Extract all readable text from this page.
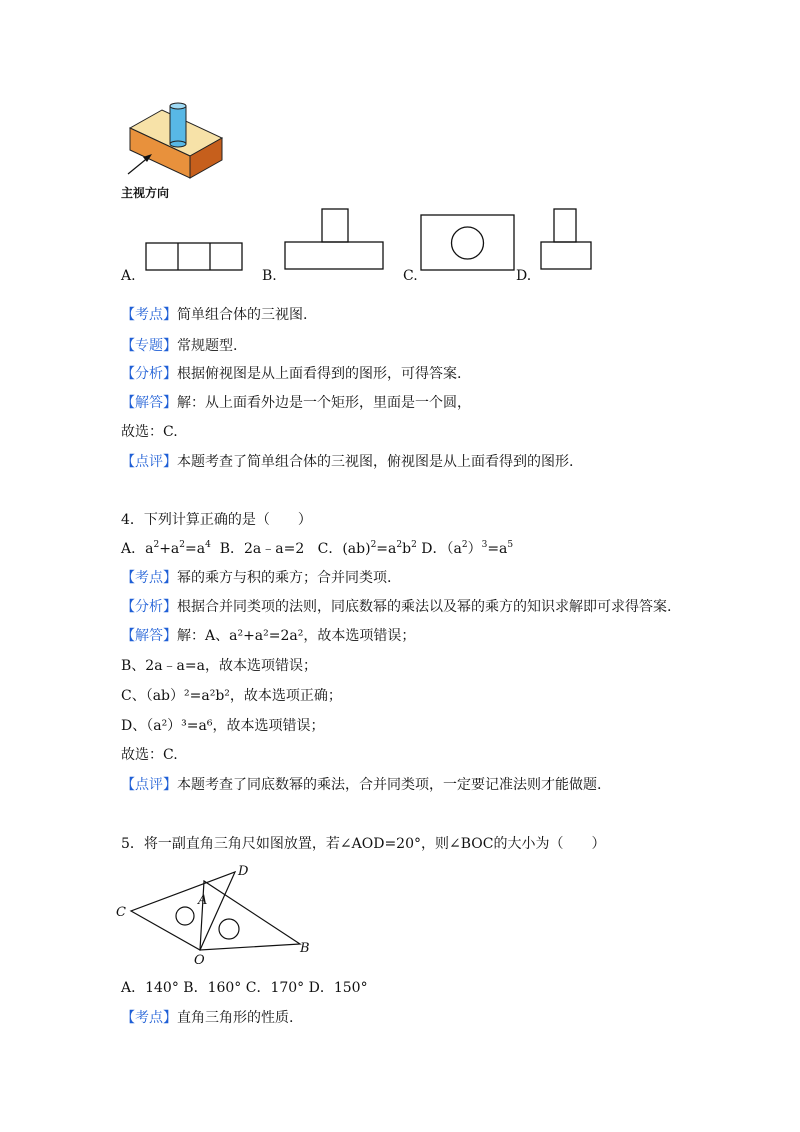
主视方向
A.	B.	C.	D.
【考点】简单组合体的三视图.
【专题】常规题型.
【分析】根据俯视图是从上面看得到的图形，可得答案.
【解答】解：从上面看外边是一个矩形，里面是一个圆，
故选：C.
【点评】本题考查了简单组合体的三视图，俯视图是从上面看得到的图形.
4．下列计算正确的是（　　）
A．$a^2+a^2=a^4$  B．2a﹣a=2   C．$(ab)^2=a^2b^2$ D．$(a^2)^3=a^5$
【考点】幂的乘方与积的乘方；合并同类项.
【分析】根据合并同类项的法则，同底数幂的乘法以及幂的乘方的知识求解即可求得答案.
【解答】解：A、a²+a²=2a²，故本选项错误；
B、2a﹣a=a，故本选项错误；
C、（ab）²=a²b²，故本选项正确；
D、（a²）³=a⁶，故本选项错误；
故选：C.
【点评】本题考查了同底数幂的乘法，合并同类项，一定要记准法则才能做题.
5．将一副直角三角尺如图放置，若∠AOD=20°，则∠BOC的大小为（　　）
C
A
D
O
B
A．140° B．160° C．170° D．150°
【考点】直角三角形的性质.
